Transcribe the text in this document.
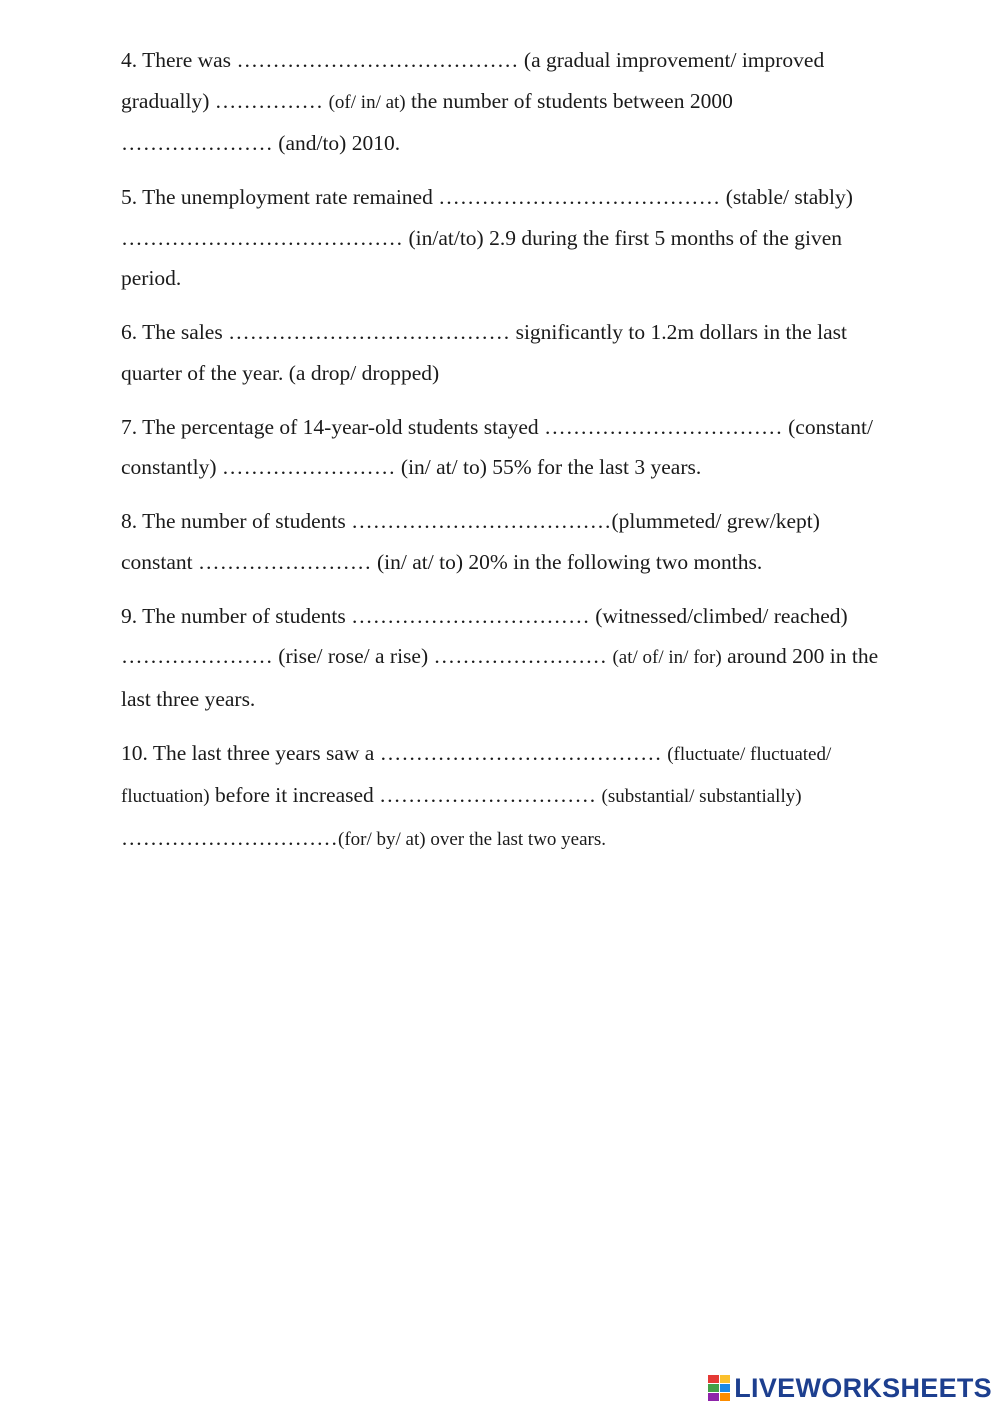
4. There was ………………………………… (a gradual improvement/ improved
gradually) …………… (of/ in/ at) the number of students between 2000
………………… (and/to) 2010.
5. The unemployment rate remained ………………………………… (stable/ stably)
………………………………… (in/at/to) 2.9 during the first 5 months of the given
period.
6. The sales ………………………………… significantly to 1.2m dollars in the last
quarter of the year. (a drop/ dropped)
7. The percentage of 14-year-old students stayed …………………………… (constant/
constantly) …………………… (in/ at/ to) 55% for the last 3 years.
8. The number of students ………………………………(plummeted/ grew/kept)
constant …………………… (in/ at/ to) 20% in the following two months.
9. The number of students …………………………… (witnessed/climbed/ reached)
………………… (rise/ rose/ a rise) …………………… (at/ of/ in/ for) around 200 in the
last three years.
10. The last three years saw a ………………………………… (fluctuate/ fluctuated/
fluctuation) before it increased ………………………… (substantial/ substantially)
…………………………(for/ by/ at) over the last two years.
LIVEWORKSHEETS
